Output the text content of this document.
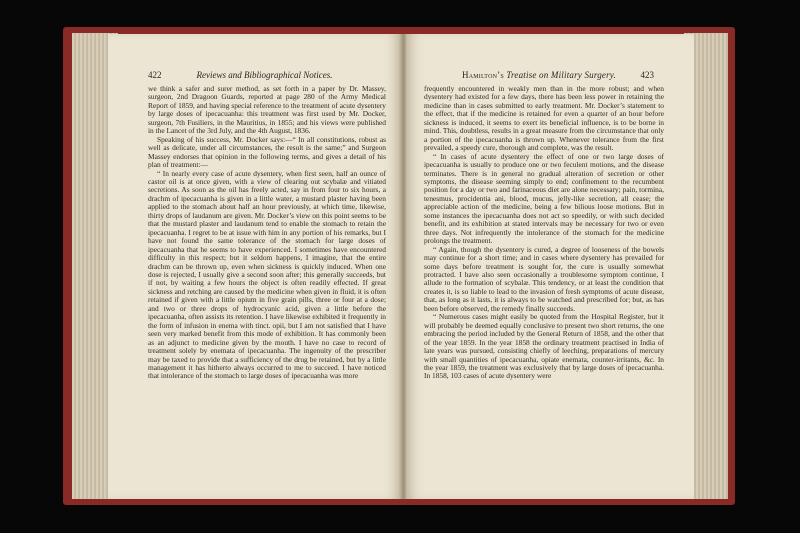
422	Reviews and Bibliographical Notices.

we think a safer and surer method, as set forth in a paper by Dr. Massey, surgeon, 2nd Dragoon Guards, reported at page 280 of the Army Medical Report of 1859, and having special reference to the treatment of acute dysentery by large doses of ipecacuanha: this treatment was first used by Mr. Docker, surgeon, 7th Fusiliers, in the Mauritius, in 1855; and his views were published in the Lancet of the 3rd July, and the 4th August, 1836.

Speaking of his success, Mr. Docker says:—“ In all constitutions, robust as well as delicate, under all circumstances, the result is the same;” and Surgeon Massey endorses that opinion in the following terms, and gives a detail of his plan of treatment:—

“ In nearly every case of acute dysentery, when first seen, half an ounce of castor oil is at once given, with a view of clearing out scybalæ and vitiated secretions. As soon as the oil has freely acted, say in from four to six hours, a drachm of ipecacuanha is given in a little water, a mustard plaster having been applied to the stomach about half an hour previously, at which time, likewise, thirty drops of laudanum are given. Mr. Docker’s view on this point seems to be that the mustard plaster and laudanum tend to enable the stomach to retain the ipecacuanha. I regret to be at issue with him in any portion of his remarks, but I have not found the same tolerance of the stomach for large doses of ipecacuanha that he seems to have experienced. I sometimes have encountered difficulty in this respect; but it seldom happens, I imagine, that the entire drachm can be thrown up, even when sickness is quickly induced. When one dose is rejected, I usually give a second soon after; this generally succeeds, but if not, by waiting a few hours the object is often readily effected. If great sickness and retching are caused by the medicine when given in fluid, it is often retained if given with a little opium in five grain pills, three or four at a dose; and two or three drops of hydrocyanic acid, given a little before the ipecacuanha, often assists its retention. I have likewise exhibited it frequently in the form of infusion in enema with tinct. opii, but I am not satisfied that I have seen very marked benefit from this mode of exhibition. It has commonly been as an adjunct to medicine given by the mouth. I have no case to record of treatment solely by enemata of ipecacuanha. The ingenuity of the prescriber may be taxed to provide that a sufficiency of the drug be retained, but by a little management it has hitherto always occurred to me to succeed. I have noticed that intolerance of the stomach to large doses of ipecacuanha was more

Hamilton’s Treatise on Military Surgery.	423

frequently encountered in weakly men than in the more robust; and when dysentery had existed for a few days, there has been less power in retaining the medicine than in cases submitted to early treatment. Mr. Docker’s statement to the effect, that if the medicine is retained for even a quarter of an hour before sickness is induced, it seems to exert its beneficial influence, is to be borne in mind. This, doubtless, results in a great measure from the circumstance that only a portion of the ipecacuanha is thrown up. Whenever tolerance from the first prevailed, a speedy cure, thorough and complete, was the result.

“ In cases of acute dysentery the effect of one or two large doses of ipecacuanha is usually to produce one or two feculent motions, and the disease terminates. There is in general no gradual alteration of secretion or other symptoms, the disease seeming simply to end; confinement to the recumbent position for a day or two and farinaceous diet are alone necessary; pain, tormina, tenesmus, procidentia ani, blood, mucus, jelly-like secretion, all cease; the appreciable action of the medicine, being a few bilious loose motions. But in some instances the ipecacuanha does not act so speedily, or with such decided benefit, and its exhibition at stated intervals may be necessary for two or even three days. Not infrequently the intolerance of the stomach for the medicine prolongs the treatment.

“ Again, though the dysentery is cured, a degree of looseness of the bowels may continue for a short time; and in cases where dysentery has prevailed for some days before treatment is sought for, the cure is usually somewhat protracted. I have also seen occasionally a troublesome symptom continue, I allude to the formation of scybalæ. This tendency, or at least the condition that creates it, is so liable to lead to the invasion of fresh symptoms of acute disease, that, as long as it lasts, it is always to be watched and prescribed for; but, as has been before observed, the remedy finally succeeds.

“ Numerous cases might easily be quoted from the Hospital Register, but it will probably be deemed equally conclusive to present two short returns, the one embracing the period included by the General Return of 1858, and the other that of the year 1859. In the year 1858 the ordinary treatment practised in India of late years was pursued, consisting chiefly of leeching, preparations of mercury with small quantities of ipecacuanha, opiate enemata, counter-irritants, &c. In the year 1859, the treatment was exclusively that by large doses of ipecacuanha. In 1858, 103 cases of acute dysentery were
